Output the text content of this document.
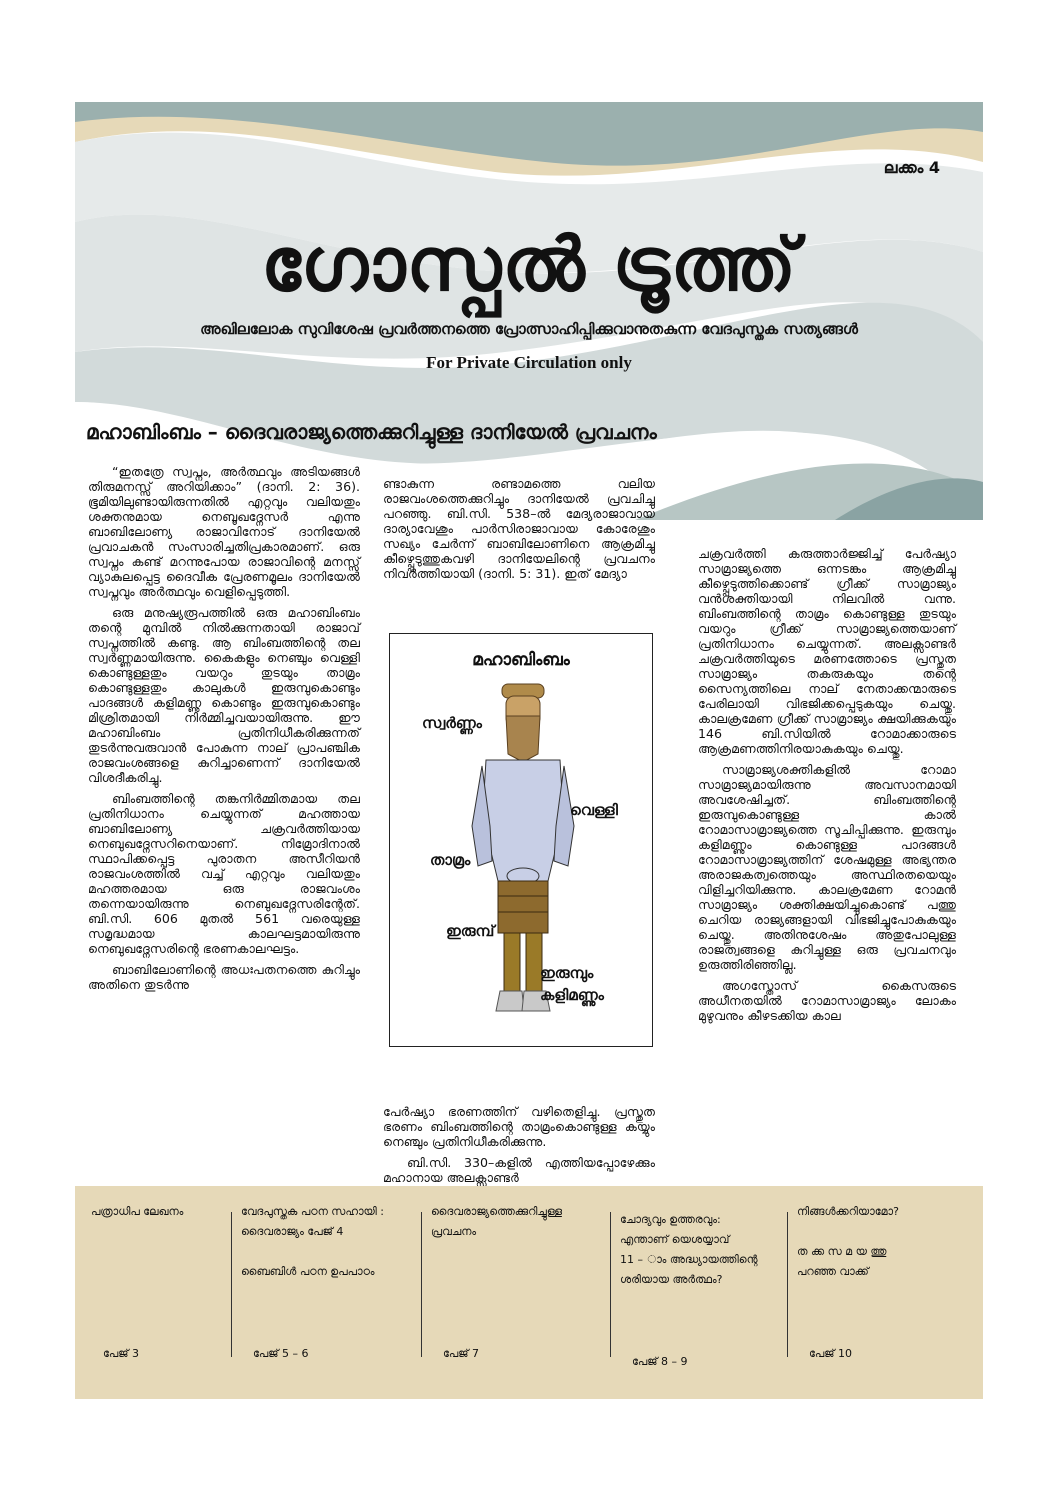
ലക്കം 4
ഗോസ്പൽ ട്രൂത്ത്
അഖിലലോക സുവിശേഷ പ്രവർത്തനത്തെ പ്രോത്സാഹിപ്പിക്കുവാനുതകുന്ന വേദപുസ്തക സത്യങ്ങൾ
For Private Circulation only
മഹാബിംബം – ദൈവരാജ്യത്തെക്കുറിച്ചുള്ള ദാനിയേൽ പ്രവചനം

“ഇതത്രേ സ്വപ്നം, അർത്ഥവും അടിയങ്ങൾ തിരുമനസ്സ് അറിയിക്കാം” (ദാനി. 2: 36). ഭൂമിയിലുണ്ടായിരുന്നതിൽ എറ്റവും വലിയതും ശക്തനുമായ നെബൂഖദ്നേസർ എന്നു ബാബിലോണ്യ രാജാവിനോട് ദാനിയേൽ പ്രവാചകൻ സംസാരിച്ചതിപ്രകാരമാണ്. ഒരു സ്വപ്നം കണ്ട് മറന്നുപോയ രാജാവിന്റെ മനസ്സ് വ്യാകുലപ്പെട്ട ദൈവീക പ്രേരണമൂലം ദാനിയേൽ സ്വപ്നവും അർത്ഥവും വെളിപ്പെടുത്തി.

ഒരു മനുഷ്യരൂപത്തിൽ ഒരു മഹാബിംബം തന്റെ മുമ്പിൽ നിൽക്കുന്നതായി രാജാവ് സ്വപ്നത്തിൽ കണ്ടു. ആ ബിംബത്തിന്റെ തല സ്വർണ്ണമായിരുന്നു. കൈകളും നെഞ്ചും വെള്ളി കൊണ്ടുള്ളതും വയറും തുടയും താമ്രം കൊണ്ടുള്ളതും കാലുകൾ ഇരുമ്പുകൊണ്ടും പാദങ്ങൾ കളിമണ്ണു കൊണ്ടും ഇരുമ്പുകൊണ്ടും മിശ്രിതമായി നിർമ്മിച്ചവയായിരുന്നു. ഈ മഹാബിംബം പ്രതിനിധീകരിക്കുന്നത് തുടർന്നുവരുവാൻ പോകുന്ന നാല് പ്രാപഞ്ചിക രാജവംശങ്ങളെ കുറിച്ചാണെന്ന് ദാനിയേൽ വിശദീകരിച്ചു.

ബിംബത്തിന്റെ തങ്കനിർമ്മിതമായ തല പ്രതിനിധാനം ചെയ്യുന്നത് മഹത്തായ ബാബിലോണ്യ ചക്രവർത്തിയായ നെബുഖദ്നേസറിനെയാണ്. നിമ്രോദിനാൽ സ്ഥാപിക്കപ്പെട്ട പുരാതന അസീറിയൻ രാജവംശത്തിൽ വച്ച് എറ്റവും വലിയതും മഹത്തരമായ ഒരു രാജവംശം തന്നെയായിരുന്നു നെബുഖദ്നേസരിന്റേത്. ബി.സി. 606 മുതൽ 561 വരെയുള്ള സമൃദ്ധമായ കാലഘട്ടമായിരുന്നു നെബുഖദ്നേസരിന്റെ ഭരണകാലഘട്ടം.

ബാബിലോണിന്റെ അധഃപതനത്തെ കുറിച്ചും അതിനെ തുടർന്നു

ണ്ടാകുന്ന രണ്ടാമത്തെ വലിയ രാജവംശത്തെക്കുറിച്ചും ദാനിയേൽ പ്രവചിച്ചു പറഞ്ഞു. ബി.സി. 538–ൽ മേദ്യരാജാവായ ദാര്യാവേശും പാർസിരാജാവായ കോരേശും സഖ്യം ചേർന്ന് ബാബിലോണിനെ ആക്രമിച്ചു കീഴ്പ്പെടുത്തുകവഴി ദാനിയേലിന്റെ പ്രവചനം നിവർത്തിയായി (ദാനി. 5: 31). ഇത് മേദ്യാ

മഹാബിംബം
സ്വർണ്ണം
വെള്ളി
താമ്രം
ഇരുമ്പ്
ഇരുമ്പും
കളിമണ്ണും

പേർഷ്യാ ഭരണത്തിന് വഴിതെളിച്ചു. പ്രസ്തുത ഭരണം ബിംബത്തിന്റെ താമ്രംകൊണ്ടുള്ള കയ്യും നെഞ്ചും പ്രതിനിധീകരിക്കുന്നു.

ബി.സി. 330–കളിൽ എത്തിയപ്പോഴേക്കും മഹാനായ അലക്സാണ്ടർ

ചക്രവർത്തി കരുത്താർജ്ജിച്ച് പേർഷ്യാ സാമ്രാജ്യത്തെ ഒന്നടങ്കം ആക്രമിച്ചു കീഴ്പ്പെടുത്തിക്കൊണ്ട് ഗ്രീക്ക് സാമ്രാജ്യം വൻശക്തിയായി നിലവിൽ വന്നു. ബിംബത്തിന്റെ താമ്രം കൊണ്ടുള്ള തുടയും വയറും ഗ്രീക്ക് സാമ്രാജ്യത്തെയാണ് പ്രതിനിധാനം ചെയ്യുന്നത്. അലക്സാണ്ടർ ചക്രവർത്തിയുടെ മരണത്തോടെ പ്രസ്തുത സാമ്രാജ്യം തകരുകയും തന്റെ സൈന്യത്തിലെ നാല് നേതാക്കന്മാരുടെ പേരിലായി വിഭജിക്കപ്പെടുകയും ചെയ്തു. കാലക്രമേണ ഗ്രീക്ക് സാമ്രാജ്യം ക്ഷയിക്കുകയും 146 ബി.സിയിൽ റോമാക്കാരുടെ ആക്രമണത്തിനിരയാകുകയും ചെയ്തു.

സാമ്രാജ്യശക്തികളിൽ റോമാ സാമ്രാജ്യമായിരുന്നു അവസാനമായി അവശേഷിച്ചത്. ബിംബത്തിന്റെ ഇരുമ്പുകൊണ്ടുള്ള കാൽ റോമാസാമ്രാജ്യത്തെ സൂചിപ്പിക്കുന്നു. ഇരുമ്പും കളിമണ്ണും കൊണ്ടുള്ള പാദങ്ങൾ റോമാസാമ്രാജ്യത്തിന് ശേഷമുള്ള അഭ്യന്തര അരാജകത്വത്തെയും അസ്ഥിരതയെയും വിളിച്ചറിയിക്കുന്നു. കാലക്രമേണ റോമൻ സാമ്രാജ്യം ശക്തിക്ഷയിച്ചുകൊണ്ട് പത്തു ചെറിയ രാജ്യങ്ങളായി വിഭജിച്ചുപോകുകയും ചെയ്തു. അതിനുശേഷം അതുപോലുള്ള രാജത്വങ്ങളെ കുറിച്ചുള്ള ഒരു പ്രവചനവും ഉരുത്തിരിഞ്ഞില്ല.

അഗസ്തോസ് കൈസരുടെ അധീനതയിൽ റോമാസാമ്രാജ്യം ലോകം മുഴുവനും കീഴടക്കിയ കാല

പത്രാധിപ ലേഖനം
പേജ് 3
വേദപുസ്തക പഠന സഹായി :
ദൈവരാജ്യം പേജ് 4

ബൈബിൾ പഠന ഉപപാഠം
പേജ് 5 – 6
ദൈവരാജ്യത്തെക്കുറിച്ചുള്ള
പ്രവചനം
പേജ് 7
ചോദ്യവും ഉത്തരവും:
എന്താണ് യെശയ്യാവ്
11 – ാം അദ്ധ്യായത്തിന്റെ
ശരിയായ അർത്ഥം?
പേജ് 8 – 9
നിങ്ങൾക്കറിയാമോ?

ത ക്ക സ മ യ ത്തു
പറഞ്ഞ വാക്ക്
പേജ് 10
